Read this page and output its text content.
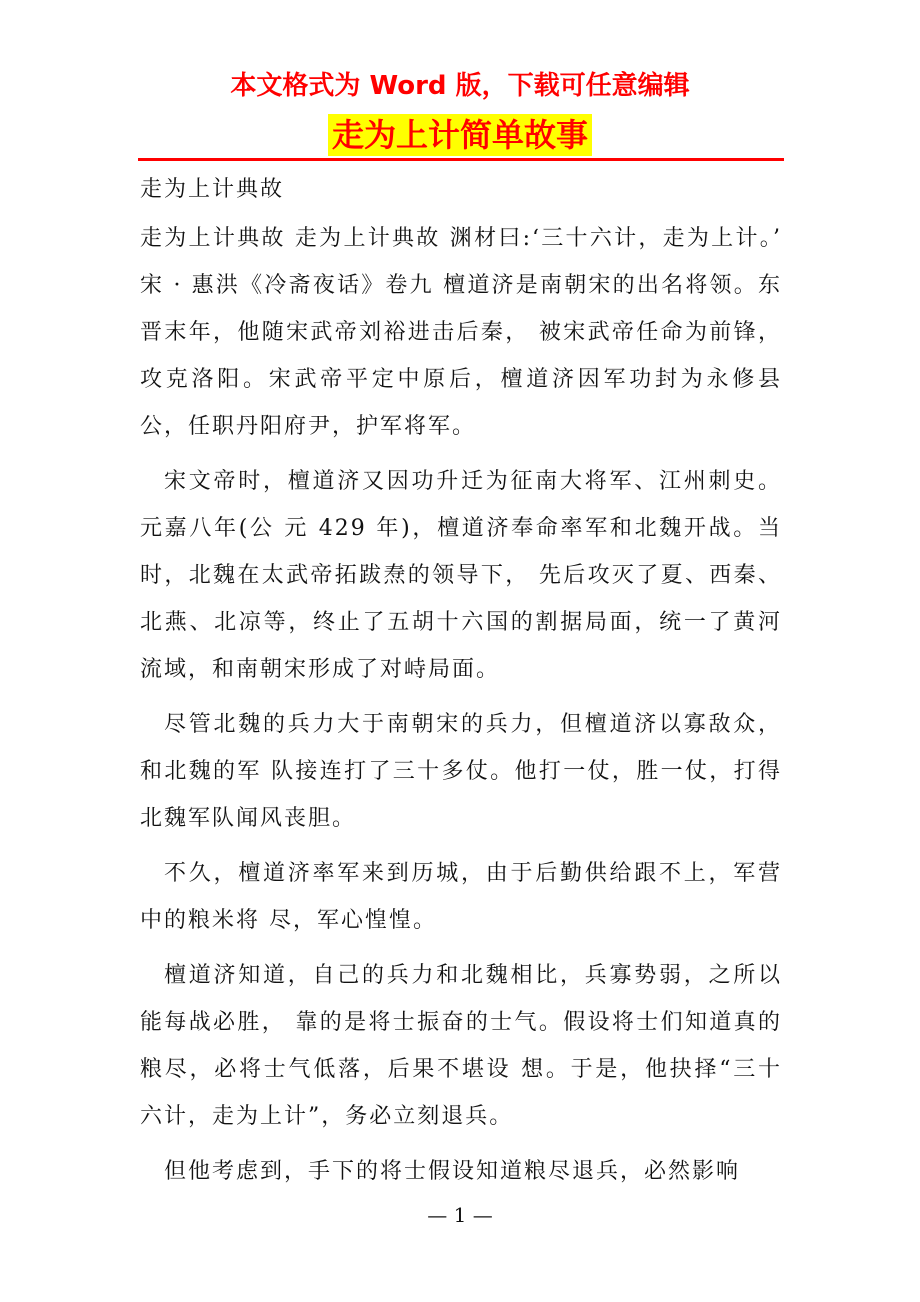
本文格式为 Word 版，下载可任意编辑
走为上计简单故事

走为上计典故

走为上计典故 走为上计典故 渊材曰:‘三十六计，走为上计。’ 宋 · 惠洪《冷斋夜话》卷九 檀道济是南朝宋的出名将领。东晋末年，他随宋武帝刘裕进击后秦， 被宋武帝任命为前锋，攻克洛阳。宋武帝平定中原后，檀道济因军功封为永修县 公，任职丹阳府尹，护军将军。

宋文帝时，檀道济又因功升迁为征南大将军、江州刺史。元嘉八年(公 元 429 年)，檀道济奉命率军和北魏开战。当时，北魏在太武帝拓跋焘的领导下， 先后攻灭了夏、西秦、北燕、北凉等，终止了五胡十六国的割据局面，统一了黄河流域，和南朝宋形成了对峙局面。

尽管北魏的兵力大于南朝宋的兵力，但檀道济以寡敌众，和北魏的军 队接连打了三十多仗。他打一仗，胜一仗，打得北魏军队闻风丧胆。

不久，檀道济率军来到历城，由于后勤供给跟不上，军营中的粮米将 尽，军心惶惶。

檀道济知道，自己的兵力和北魏相比，兵寡势弱，之所以能每战必胜， 靠的是将士振奋的士气。假设将士们知道真的粮尽，必将士气低落，后果不堪设 想。于是，他抉择“三十六计，走为上计”，务必立刻退兵。

但他考虑到，手下的将士假设知道粮尽退兵，必然影响

— 1 —
